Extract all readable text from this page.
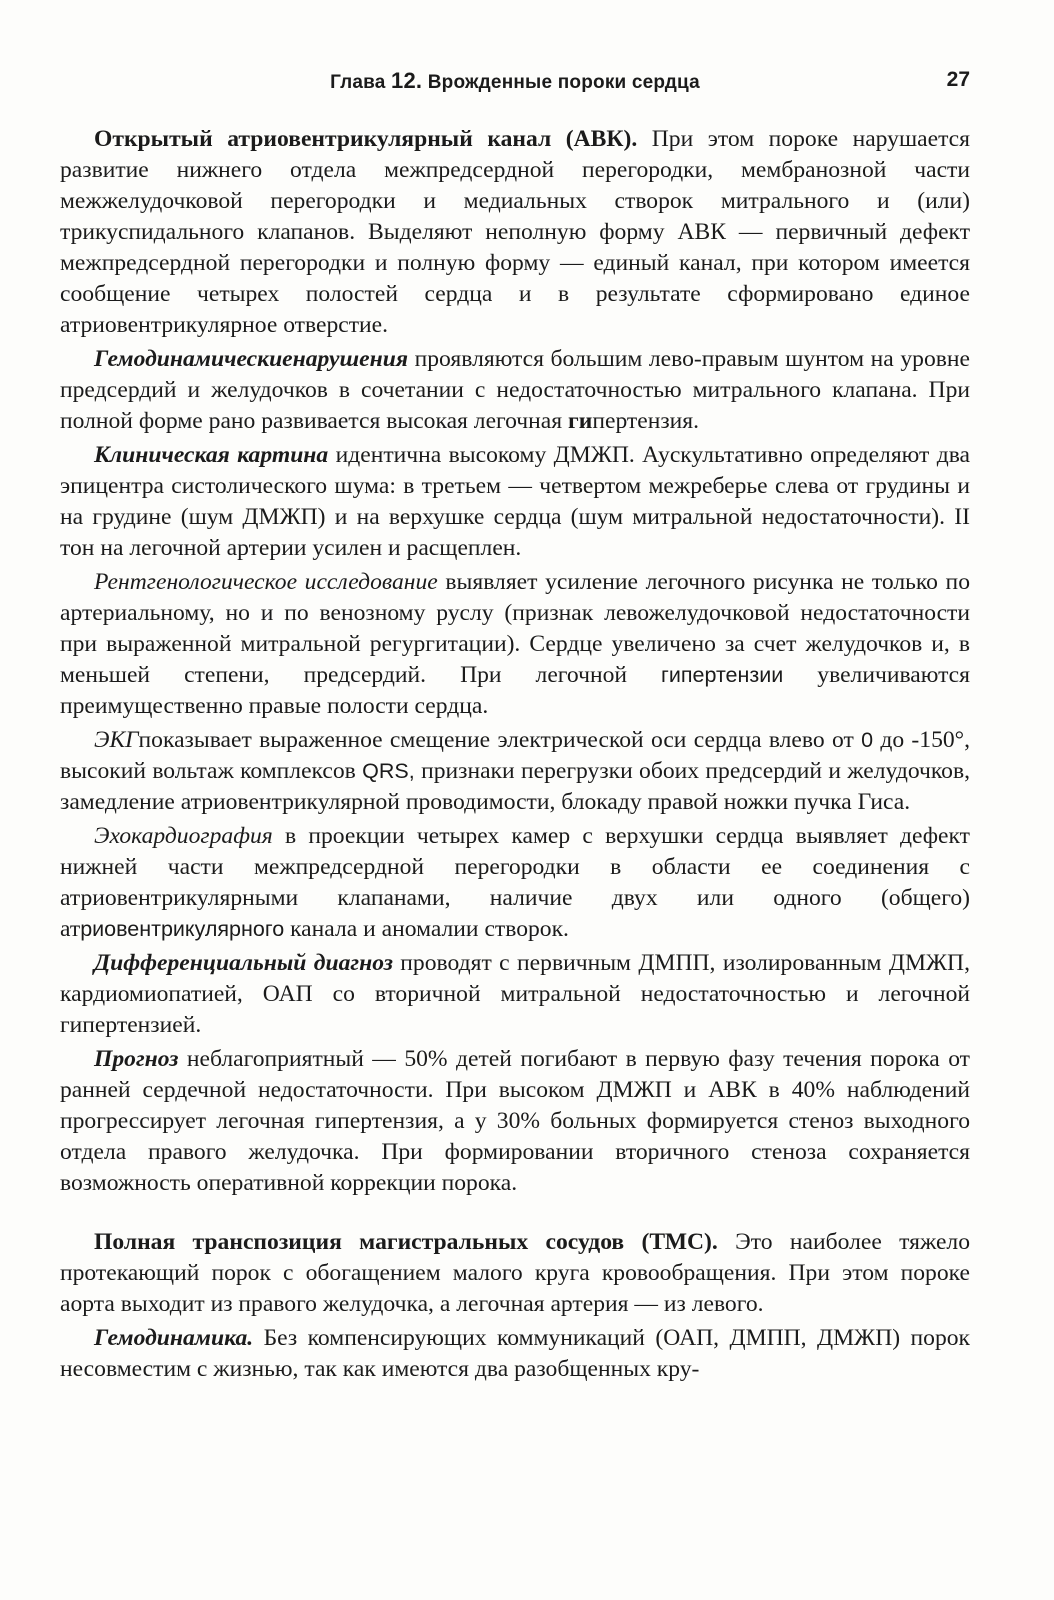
Глава 12. Врожденные пороки сердца	27

Открытый атриовентрикулярный канал (АВК). При этом пороке нарушается развитие нижнего отдела межпредсердной перегородки, мембранозной части межжелудочковой перегородки и медиальных створок митрального и (или) трикуспидального клапанов. Выделяют неполную форму АВК — первичный дефект межпредсердной перегородки и полную форму — единый канал, при котором имеется сообщение четырех полостей сердца и в результате сформировано единое атриовентрикулярное отверстие.

Гемодинамическиенарушения проявляются большим лево-правым шунтом на уровне предсердий и желудочков в сочетании с недостаточностью митрального клапана. При полной форме рано развивается высокая легочная гипертензия.

Клиническая картина идентична высокому ДМЖП. Аускультативно определяют два эпицентра систолического шума: в третьем — четвертом межреберье слева от грудины и на грудине (шум ДМЖП) и на верхушке сердца (шум митральной недостаточности). II тон на легочной артерии усилен и расщеплен.

Рентгенологическое исследование выявляет усиление легочного рисунка не только по артериальному, но и по венозному руслу (признак левожелудочковой недостаточности при выраженной митральной регургитации). Сердце увеличено за счет желудочков и, в меньшей степени, предсердий. При легочной гипертензии увеличиваются преимущественно правые полости сердца.

ЭКГпоказывает выраженное смещение электрической оси сердца влево от 0 до -150°, высокий вольтаж комплексов QRS, признаки перегрузки обоих предсердий и желудочков, замедление атриовентрикулярной проводимости, блокаду правой ножки пучка Гиса.

Эхокардиография в проекции четырех камер с верхушки сердца выявляет дефект нижней части межпредсердной перегородки в области ее соединения с атриовентрикулярными клапанами, наличие двух или одного (общего) атриовентрикулярного канала и аномалии створок.

Дифференциальный диагноз проводят с первичным ДМПП, изолированным ДМЖП, кардиомиопатией, ОАП со вторичной митральной недостаточностью и легочной гипертензией.

Прогноз неблагоприятный — 50% детей погибают в первую фазу течения порока от ранней сердечной недостаточности. При высоком ДМЖП и АВК в 40% наблюдений прогрессирует легочная гипертензия, а у 30% больных формируется стеноз выходного отдела правого желудочка. При формировании вторичного стеноза сохраняется возможность оперативной коррекции порока.

Полная транспозиция магистральных сосудов (ТМС). Это наиболее тяжело протекающий порок с обогащением малого круга кровообращения. При этом пороке аорта выходит из правого желудочка, а легочная артерия — из левого.

Гемодинамика. Без компенсирующих коммуникаций (ОАП, ДМПП, ДМЖП) порок несовместим с жизнью, так как имеются два разобщенных кру-
